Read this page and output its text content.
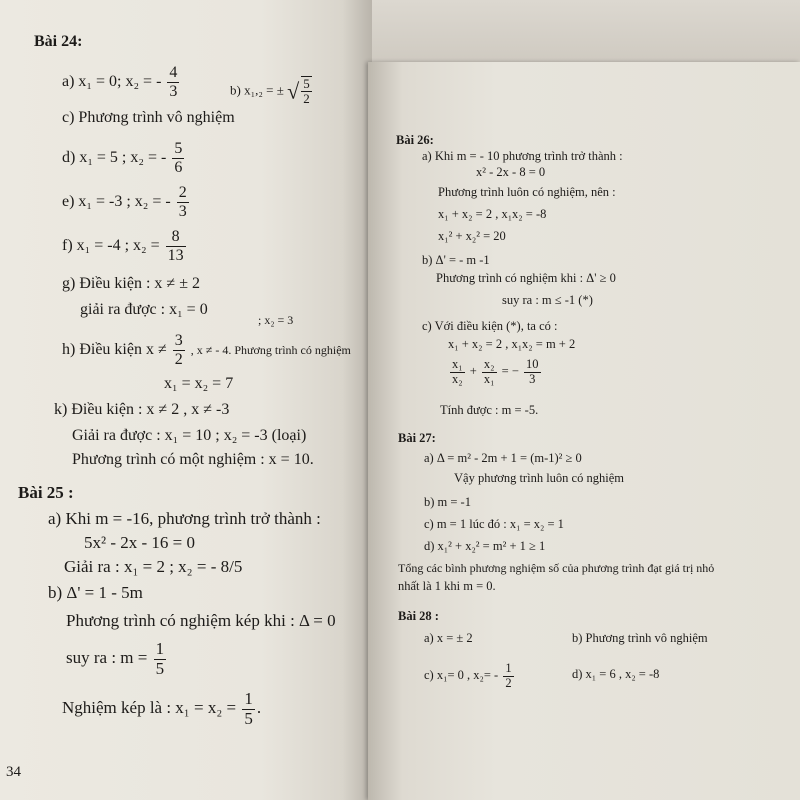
Bài 24:
a) x₁ = 0; x₂ = - $\frac{4}{3}$	b) x₁,₂ = ± √ $\frac{5}{2}$
c) Phương trình vô nghiệm
d) x₁ = 5 ; x₂ = - $\frac{5}{6}$
e) x₁ = -3 ; x₂ = - $\frac{2}{3}$
f) x₁ = -4 ; $x_2 = \frac{8}{13}$
g) Điều kiện : x ≠ ± 2
giải ra được : x₁ = 0
; x₂ = 3
h) Điều kiện $x \ne \frac{3}{2}$ , x ≠ - 4. Phương trình có nghiệm
x₁ = x₂ = 7
k) Điều kiện : x ≠ 2 , x ≠ -3
Giải ra được : x₁ = 10 ; x₂ = -3 (loại)
Phương trình có một nghiệm : x = 10.
Bài 25 :
a) Khi m = -16, phương trình trở thành :
5x² - 2x - 16 = 0
Giải ra : x₁ = 2 ; x₂ = - 8/5
b) Δ' = 1 - 5m
Phương trình có nghiệm kép khi : Δ = 0
suy ra : $m = \frac{1}{5}$
Nghiệm kép là : $x_1 = x_2 = \frac{1}{5}$ .
34
Bài 26:
a) Khi m = - 10 phương trình trở thành :
x² - 2x - 8 = 0
Phương trình luôn có nghiệm, nên :
x₁ + x₂ = 2 , x₁x₂ = -8
x₁² + x₂² = 20
b) Δ' = - m -1
Phương trình có nghiệm khi : Δ' ≥ 0
suy ra : m ≤ -1 (*)
c) Với điều kiện (*), ta có :
x₁ + x₂ = 2 , x₁x₂ = m + 2
$\frac{\text{x₁}}{\text{x₂}} + \frac{\text{x₂}}{\text{x₁}}$ = − $\frac{10}{3}$
Tính được : m = -5.
Bài 27:
a) Δ = m² - 2m + 1 = (m-1)² ≥ 0
Vậy phương trình luôn có nghiệm
b) m = -1
c) m = 1 lúc đó : x₁ = x₂ = 1
d) x₁² + x₂² = m² + 1 ≥ 1
Tổng các bình phương nghiệm số của phương trình đạt giá trị nhỏ
nhất là 1 khi m = 0.
Bài 28 :
a) x = ± 2	b) Phương trình vô nghiệm
c) x₁= 0 , $x_2= - \frac{1}{2}$	d) x₁ = 6 , x₂ = -8
